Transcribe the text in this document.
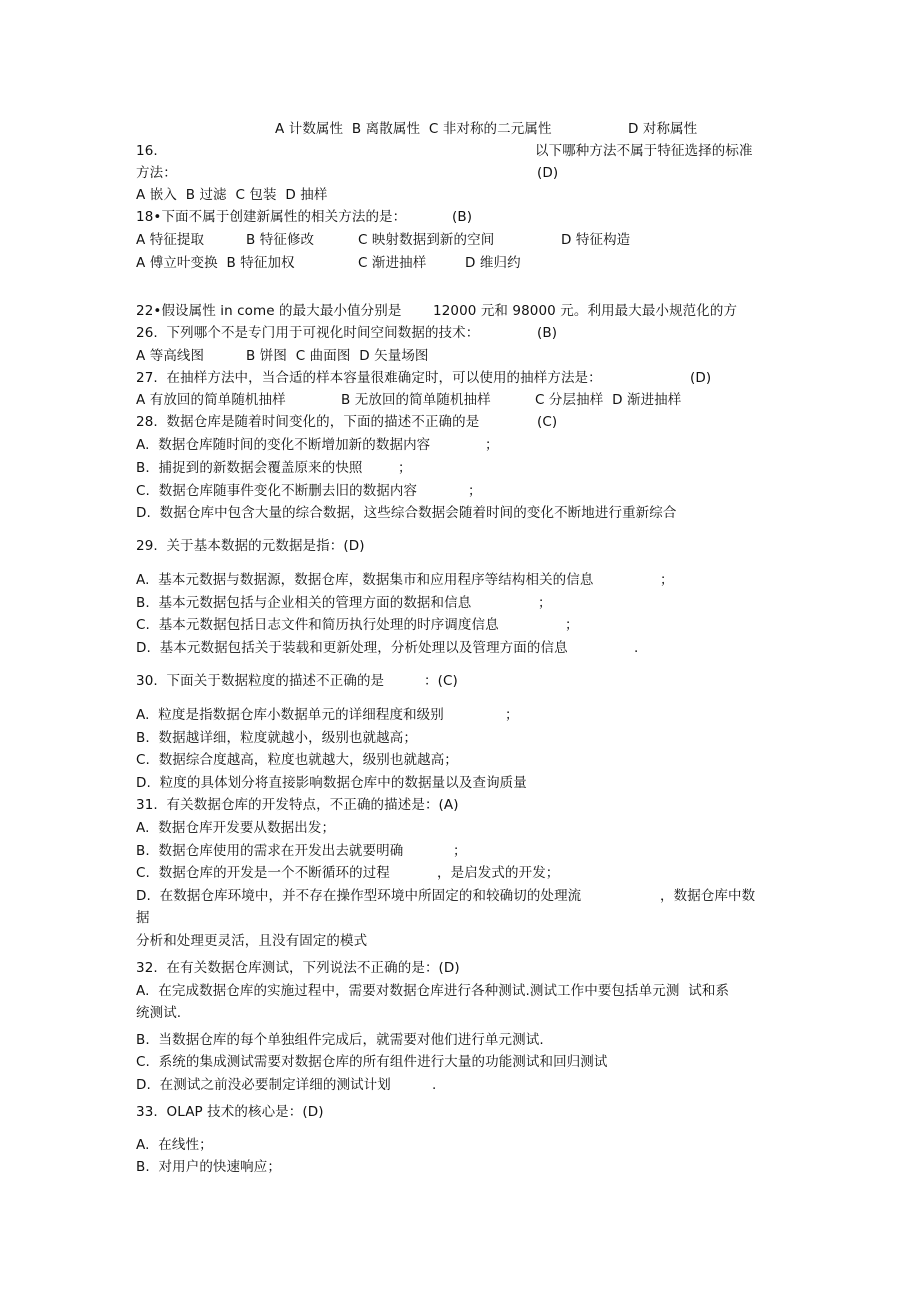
A 计数属性  B 离散属性  C 非对称的二元属性	D 对称属性
16.	以下哪种方法不属于特征选择的标准
方法：	(D)
A 嵌入  B 过滤  C 包装  D 抽样
18•下面不属于创建新属性的相关方法的是：	(B)
A 特征提取	B 特征修改	C 映射数据到新的空间	D 特征构造
A 傅立叶变换  B 特征加权	C 渐进抽样	D 维归约
22•假设属性 in come 的最大最小值分别是 12000 元和 98000 元。利用最大最小规范化的方
26.  下列哪个不是专门用于可视化时间空间数据的技术：	(B)
A 等高线图	B 饼图  C 曲面图  D 矢量场图
27.  在抽样方法中，当合适的样本容量很难确定时，可以使用的抽样方法是：	(D)
A 有放回的简单随机抽样	B 无放回的简单随机抽样	C 分层抽样  D 渐进抽样
28.  数据仓库是随着时间变化的，下面的描述不正确的是	(C)
A.  数据仓库随时间的变化不断增加新的数据内容	；
B.  捕捉到的新数据会覆盖原来的快照	；
C.  数据仓库随事件变化不断删去旧的数据内容	；
D.  数据仓库中包含大量的综合数据，这些综合数据会随着时间的变化不断地进行重新综合
29.  关于基本数据的元数据是指：(D)
A.  基本元数据与数据源，数据仓库，数据集市和应用程序等结构相关的信息	；
B.  基本元数据包括与企业相关的管理方面的数据和信息	；
C.  基本元数据包括日志文件和简历执行处理的时序调度信息	；
D.  基本元数据包括关于装载和更新处理，分析处理以及管理方面的信息	.
30.  下面关于数据粒度的描述不正确的是	：(C)
A.  粒度是指数据仓库小数据单元的详细程度和级别	；
B.  数据越详细，粒度就越小，级别也就越高；
C.  数据综合度越高，粒度也就越大，级别也就越高；
D.  粒度的具体划分将直接影响数据仓库中的数据量以及查询质量
31.  有关数据仓库的开发特点，不正确的描述是：(A)
A.  数据仓库开发要从数据出发；
B.  数据仓库使用的需求在开发出去就要明确	；
C.  数据仓库的开发是一个不断循环的过程	，是启发式的开发；
D.  在数据仓库环境中，并不存在操作型环境中所固定的和较确切的处理流	，数据仓库中数
据
分析和处理更灵活，且没有固定的模式
32.  在有关数据仓库测试，下列说法不正确的是：(D)
A.  在完成数据仓库的实施过程中，需要对数据仓库进行各种测试.测试工作中要包括单元测  试和系
统测试.
B.  当数据仓库的每个单独组件完成后，就需要对他们进行单元测试.
C.  系统的集成测试需要对数据仓库的所有组件进行大量的功能测试和回归测试
D.  在测试之前没必要制定详细的测试计划	.
33.  OLAP 技术的核心是：(D)
A.  在线性；
B.  对用户的快速响应；
